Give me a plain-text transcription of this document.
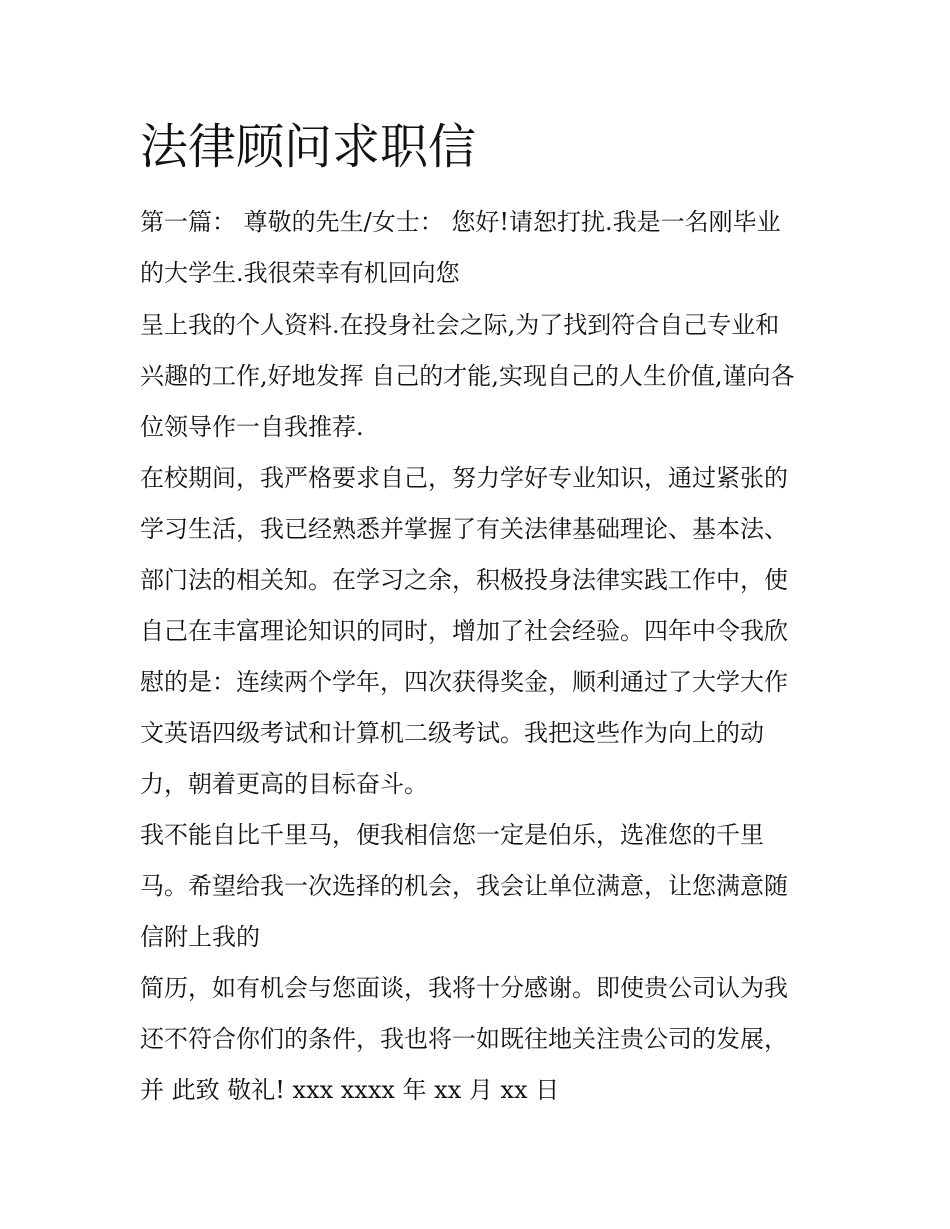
法律顾问求职信

第一篇： 尊敬的先生/女士： 您好!请恕打扰.我是一名刚毕业

的大学生.我很荣幸有机回向您

呈上我的个人资料.在投身社会之际,为了找到符合自己专业和

兴趣的工作,好地发挥 自己的才能,实现自己的人生价值,谨向各

位领导作一自我推荐.

在校期间，我严格要求自己，努力学好专业知识，通过紧张的

学习生活，我已经熟悉并掌握了有关法律基础理论、基本法、

部门法的相关知。在学习之余，积极投身法律实践工作中，使

自己在丰富理论知识的同时，增加了社会经验。四年中令我欣

慰的是：连续两个学年，四次获得奖金，顺利通过了大学大作

文英语四级考试和计算机二级考试。我把这些作为向上的动

力，朝着更高的目标奋斗。

我不能自比千里马，便我相信您一定是伯乐，选准您的千里

马。希望给我一次选择的机会，我会让单位满意，让您满意随

信附上我的

简历，如有机会与您面谈，我将十分感谢。即使贵公司认为我

还不符合你们的条件，我也将一如既往地关注贵公司的发展，

并 此致 敬礼! xxx xxxx 年 xx 月 xx 日
